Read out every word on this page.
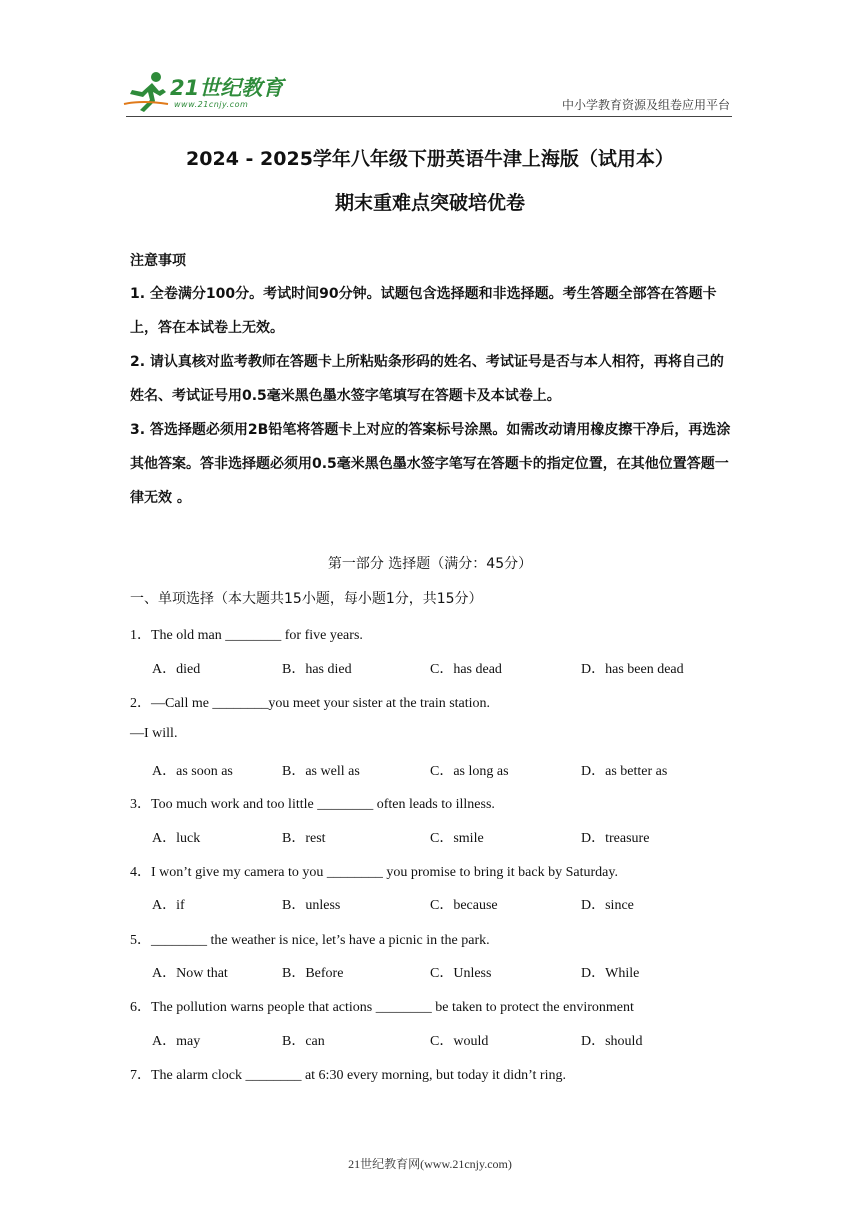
21世纪教育
www.21cnjy.com	中小学教育资源及组卷应用平台
2024 - 2025学年八年级下册英语牛津上海版（试用本）
期末重难点突破培优卷
注意事项
1. 全卷满分100分。考试时间90分钟。试题包含选择题和非选择题。考生答题全部答在答题卡上，答在本试卷上无效。
2. 请认真核对监考教师在答题卡上所粘贴条形码的姓名、考试证号是否与本人相符，再将自己的姓名、考试证号用0.5毫米黑色墨水签字笔填写在答题卡及本试卷上。
3. 答选择题必须用2B铅笔将答题卡上对应的答案标号涂黑。如需改动请用橡皮擦干净后，再选涂其他答案。答非选择题必须用0.5毫米黑色墨水签字笔写在答题卡的指定位置，在其他位置答题一律无效 。
第一部分 选择题（满分：45分）
一、单项选择（本大题共15小题，每小题1分，共15分）
1．The old man ________ for five years.
A．died	B．has died	C．has dead	D．has been dead
2．—Call me ________you meet your sister at the train station.
—I will.
A．as soon as	B．as well as	C．as long as	D．as better as
3．Too much work and too little ________ often leads to illness.
A．luck	B．rest	C．smile	D．treasure
4．I won’t give my camera to you ________ you promise to bring it back by Saturday.
A．if	B．unless	C．because	D．since
5．________ the weather is nice, let’s have a picnic in the park.
A．Now that	B．Before	C．Unless	D．While
6．The pollution warns people that actions ________ be taken to protect the environment
A．may	B．can	C．would	D．should
7．The alarm clock ________ at 6:30 every morning, but today it didn’t ring.
21世纪教育网(www.21cnjy.com)
